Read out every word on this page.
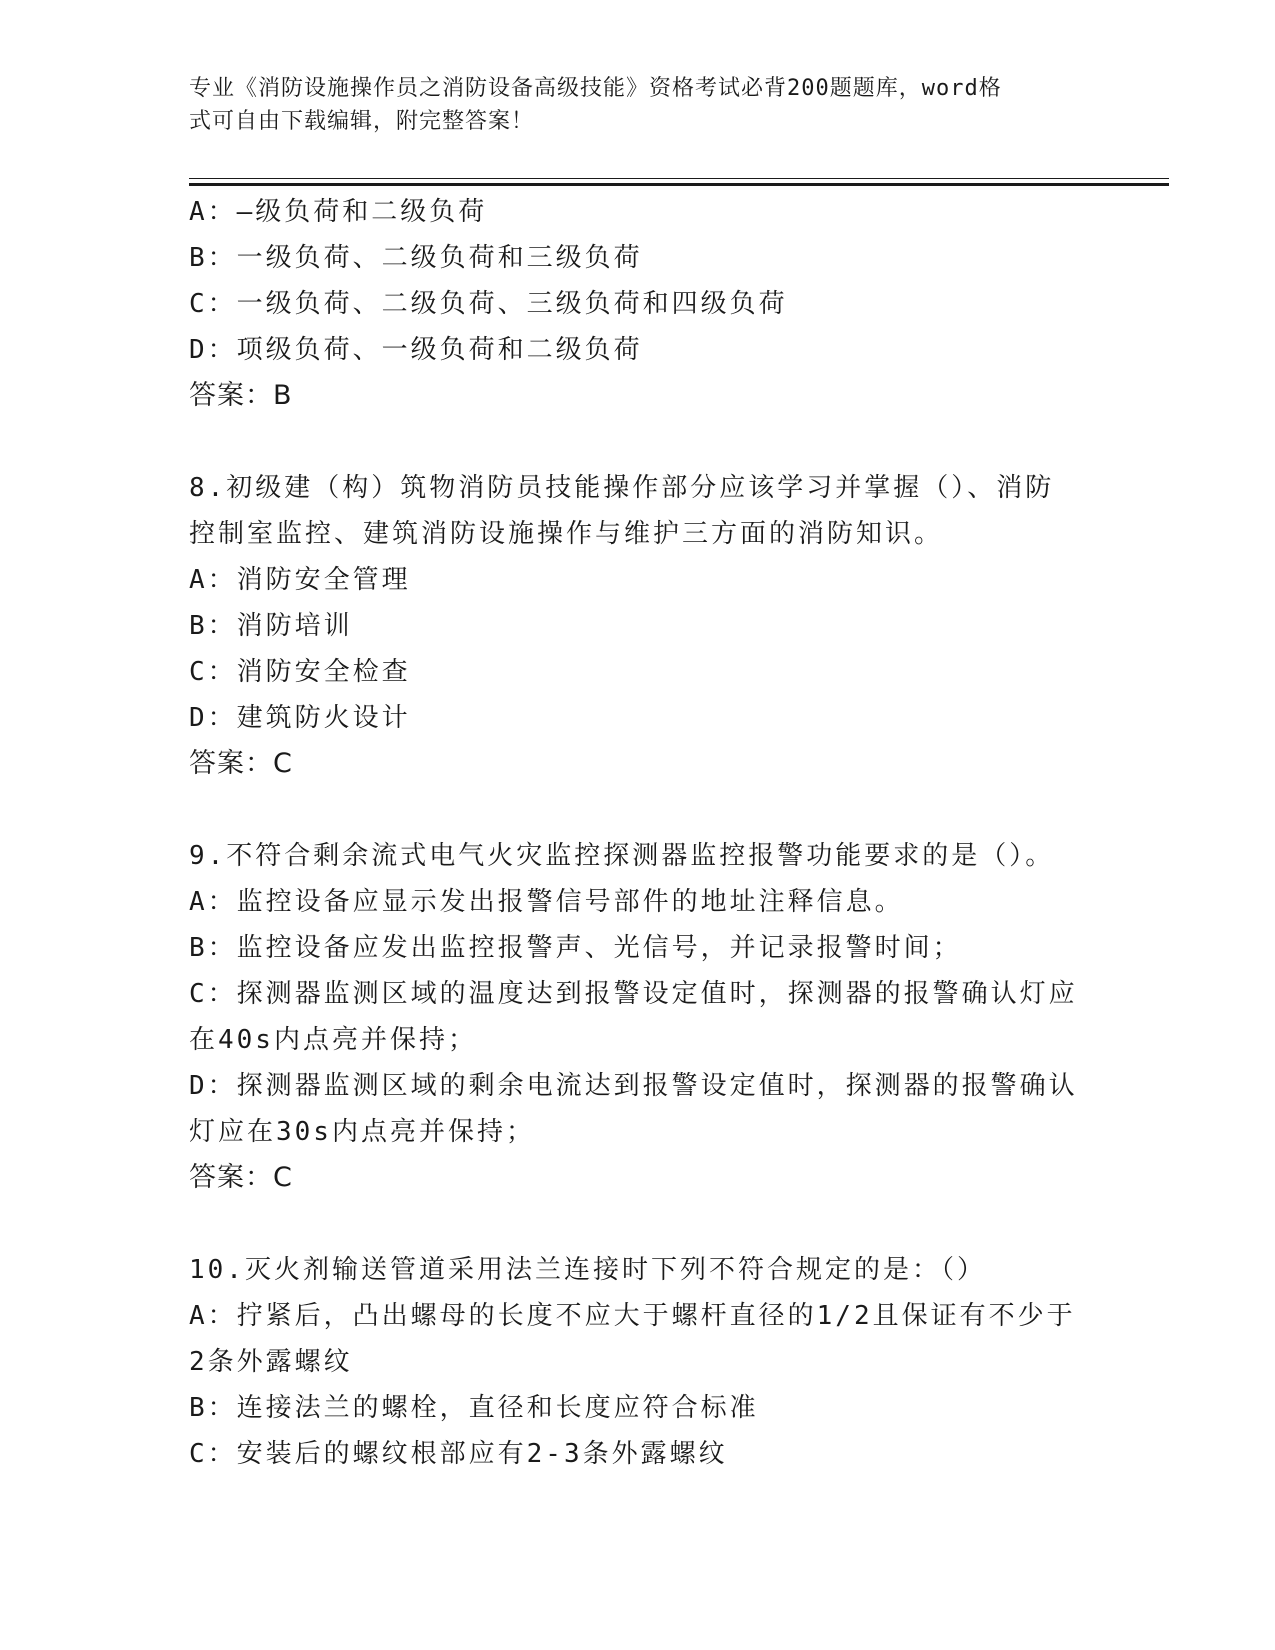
专业《消防设施操作员之消防设备高级技能》资格考试必背200题题库，word格
式可自由下载编辑，附完整答案！
A：—级负荷和二级负荷
B：一级负荷、二级负荷和三级负荷
C：一级负荷、二级负荷、三级负荷和四级负荷
D：项级负荷、一级负荷和二级负荷
答案：B
8.初级建（构）筑物消防员技能操作部分应该学习并掌握（）、消防
控制室监控、建筑消防设施操作与维护三方面的消防知识。
A：消防安全管理
B：消防培训
C：消防安全检查
D：建筑防火设计
答案：C
9.不符合剩余流式电气火灾监控探测器监控报警功能要求的是（）。
A：监控设备应显示发出报警信号部件的地址注释信息。
B：监控设备应发出监控报警声、光信号，并记录报警时间；
C：探测器监测区域的温度达到报警设定值时，探测器的报警确认灯应
在40s内点亮并保持；
D：探测器监测区域的剩余电流达到报警设定值时，探测器的报警确认
灯应在30s内点亮并保持；
答案：C
10.灭火剂输送管道采用法兰连接时下列不符合规定的是：（）
A：拧紧后，凸出螺母的长度不应大于螺杆直径的1/2且保证有不少于
2条外露螺纹
B：连接法兰的螺栓，直径和长度应符合标准
C：安装后的螺纹根部应有2-3条外露螺纹
